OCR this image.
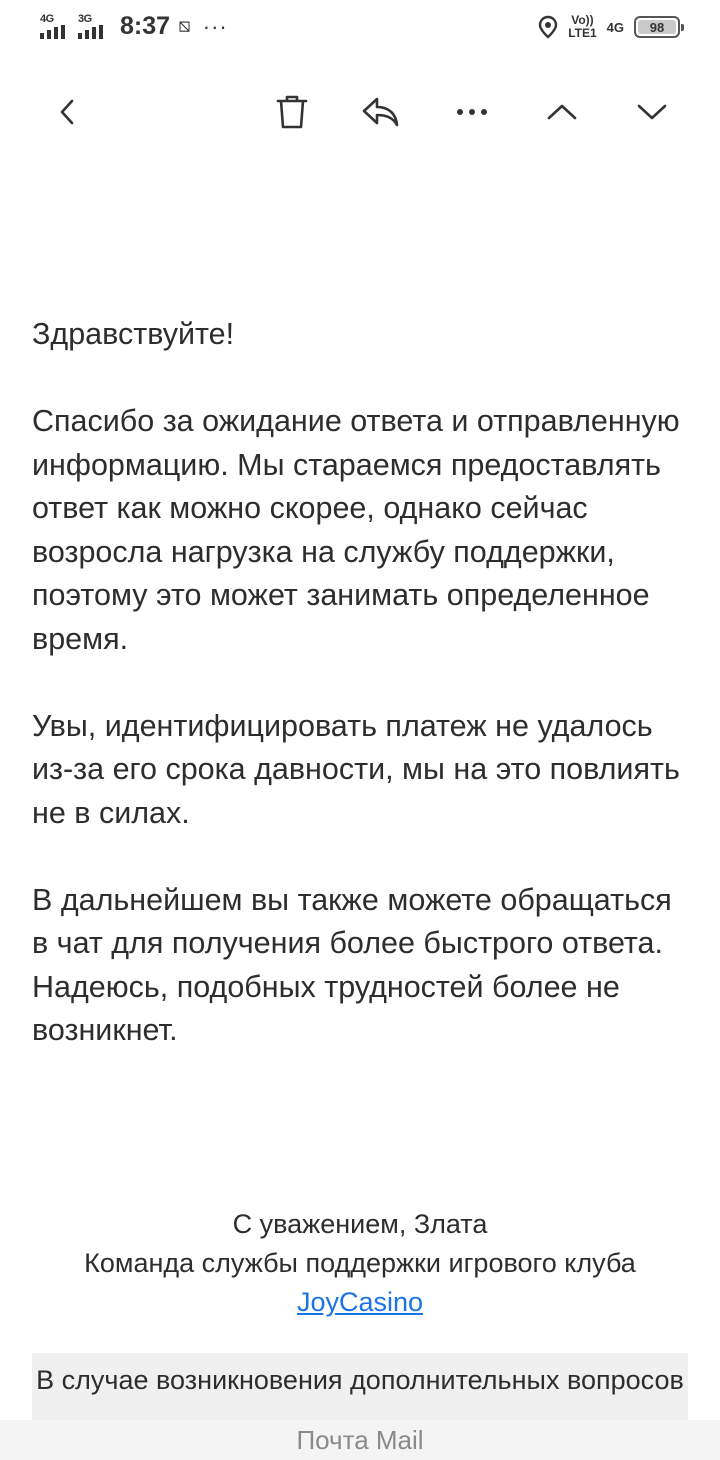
4G 3G 8:37 ⧅ ···	Vo))
LTE1 4G 98

Здравствуйте!

Спасибо за ожидание ответа и отправленную информацию. Мы стараемся предоставлять ответ как можно скорее, однако сейчас возросла нагрузка на службу поддержки, поэтому это может занимать определенное время.

Увы, идентифицировать платеж не удалось из-за его срока давности, мы на это повлиять не в силах.

В дальнейшем вы также можете обращаться в чат для получения более быстрого ответа. Надеюсь, подобных трудностей более не возникнет.

С уважением, Злата
Команда службы поддержки игрового клуба
JoyCasino
В случае возникновения дополнительных вопросов
Почта Mail
